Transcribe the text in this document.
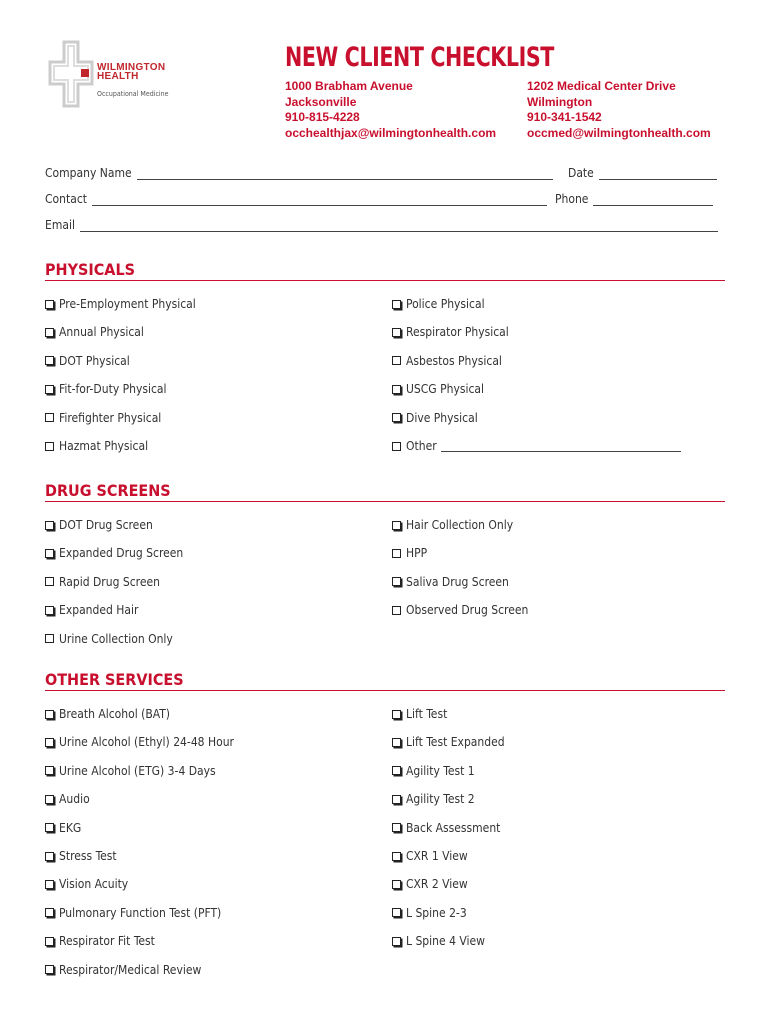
WILMINGTON
HEALTH
Occupational Medicine
NEW CLIENT CHECKLIST
1000 Brabham Avenue
Jacksonville
910-815-4228
occhealthjax@wilmingtonhealth.com
1202 Medical Center Drive
Wilmington
910-341-1542
occmed@wilmingtonhealth.com
Company Name	Date
Contact	Phone
Email
PHYSICALS
Pre-Employment Physical	Police Physical
Annual Physical	Respirator Physical
DOT Physical	Asbestos Physical
Fit-for-Duty Physical	USCG Physical
Firefighter Physical	Dive Physical
Hazmat Physical	Other
DRUG SCREENS
DOT Drug Screen	Hair Collection Only
Expanded Drug Screen	HPP
Rapid Drug Screen	Saliva Drug Screen
Expanded Hair	Observed Drug Screen
Urine Collection Only
OTHER SERVICES
Breath Alcohol (BAT)	Lift Test
Urine Alcohol (Ethyl) 24-48 Hour	Lift Test Expanded
Urine Alcohol (ETG) 3-4 Days	Agility Test 1
Audio	Agility Test 2
EKG	Back Assessment
Stress Test	CXR 1 View
Vision Acuity	CXR 2 View
Pulmonary Function Test (PFT)	L Spine 2-3
Respirator Fit Test	L Spine 4 View
Respirator/Medical Review
